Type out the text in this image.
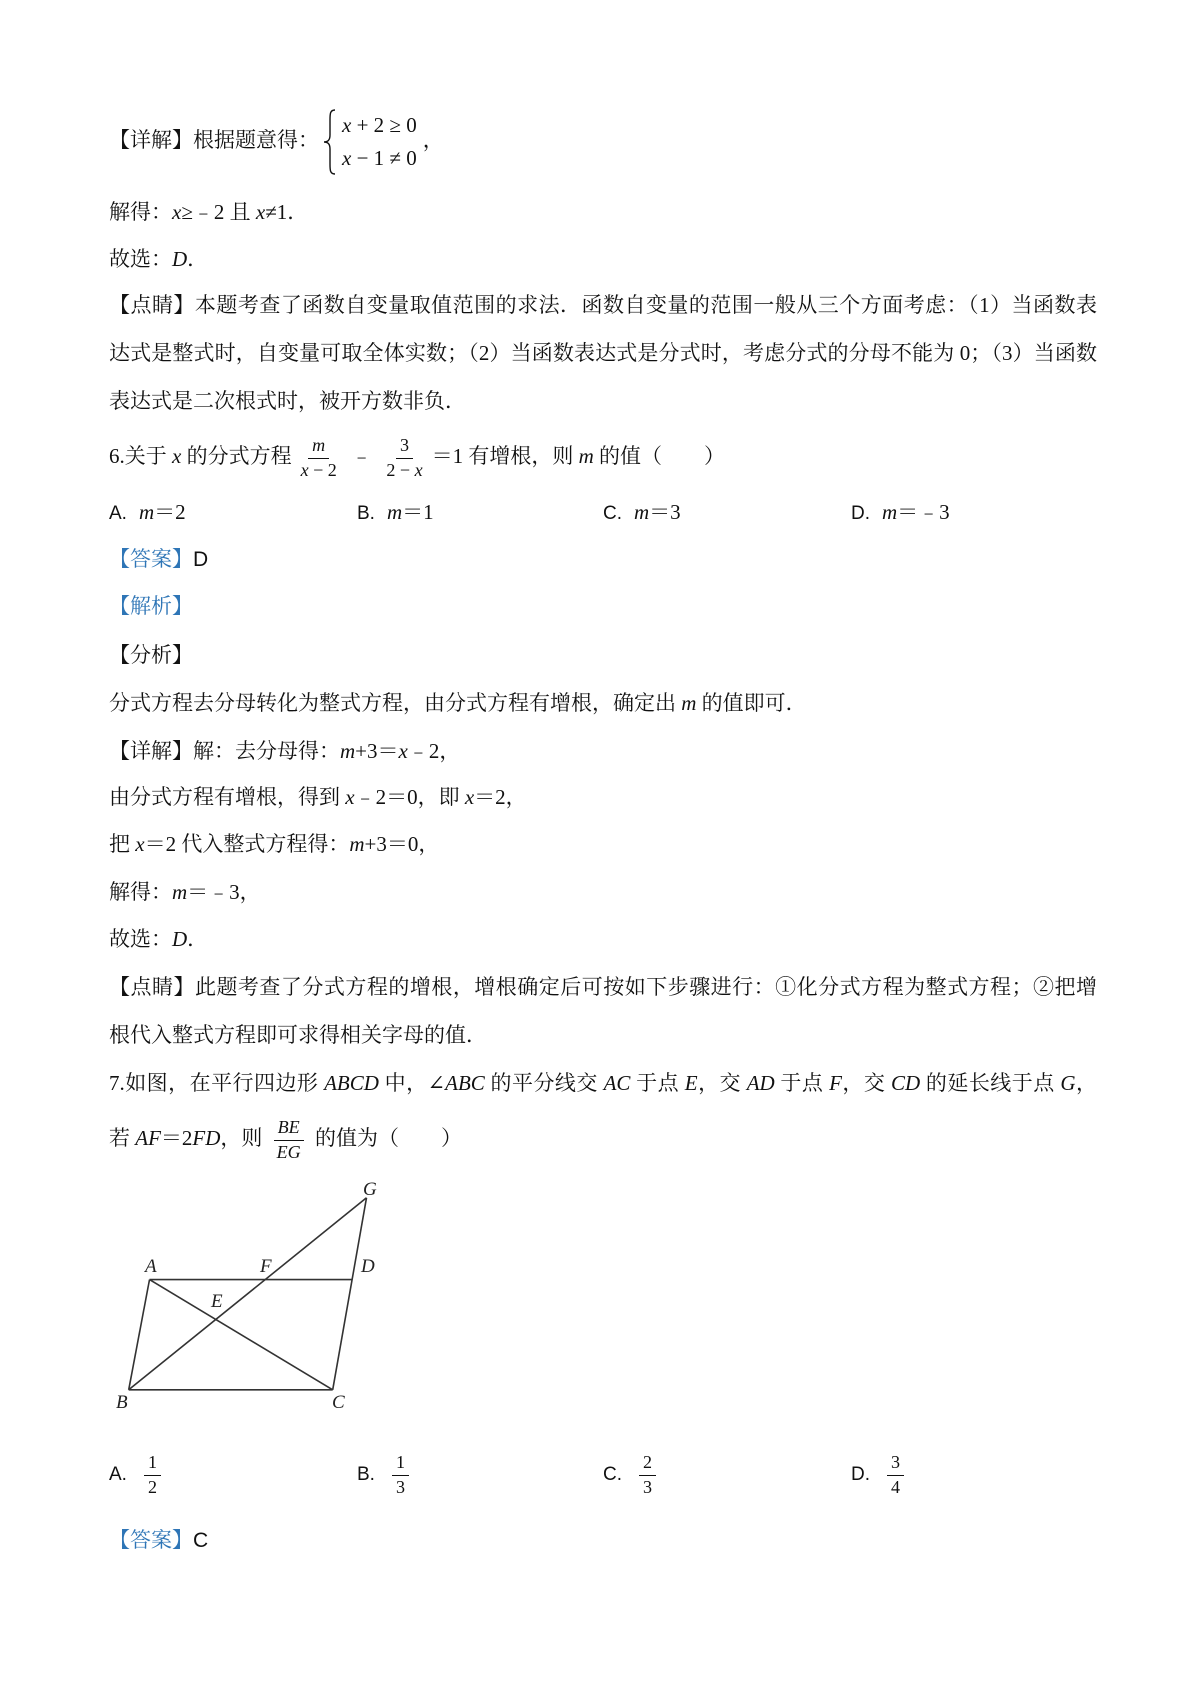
【详解】根据题意得：
x + 2 ≥ 0
x − 1 ≠ 0
，
解得：x≥﹣2 且 x≠1．
故选：D．
【点睛】本题考查了函数自变量取值范围的求法．函数自变量的范围一般从三个方面考虑：（1）当函数表
达式是整式时，自变量可取全体实数；（2）当函数表达式是分式时，考虑分式的分母不能为 0；（3）当函数
表达式是二次根式时，被开方数非负．
6.关于 x 的分式方程 $\frac{m}{x - 2}$ ﹣ $\frac{3}{2 - x} =1$ 有增根，则 m 的值（　　）
A. m＝2	B. m＝1	C. m＝3	D. m＝﹣3
【答案】D
【解析】
【分析】
分式方程去分母转化为整式方程，由分式方程有增根，确定出 m 的值即可．
【详解】解：去分母得：m+3＝x﹣2，
由分式方程有增根，得到 x﹣2＝0，即 x＝2，
把 x＝2 代入整式方程得：m+3＝0，
解得：m＝﹣3，
故选：D．
【点睛】此题考查了分式方程的增根，增根确定后可按如下步骤进行：①化分式方程为整式方程；②把增
根代入整式方程即可求得相关字母的值．
7.如图，在平行四边形 ABCD 中，∠ABC 的平分线交 AC 于点 E，交 AD 于点 F，交 CD 的延长线于点 G，
若 AF＝2FD，则 $\frac{BE}{EG}$ 的值为（　　）
G
A	F	D
E
B	C
A. $\frac{1}{2}$	B. $\frac{1}{3}$	C. $\frac{2}{3}$	D. $\frac{3}{4}$
【答案】C
